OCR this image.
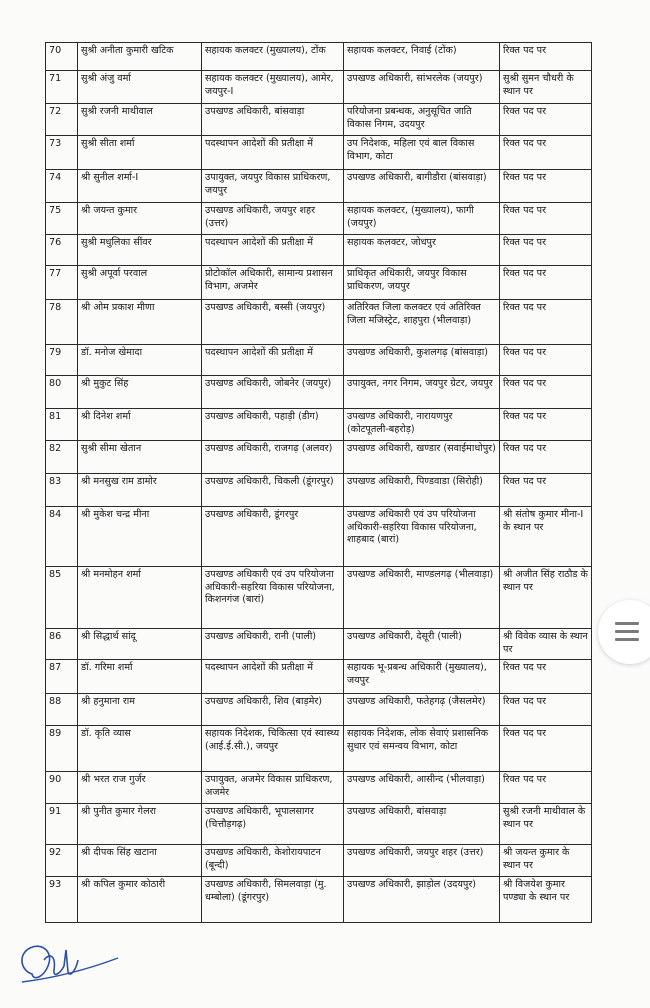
70	सुश्री अनीता कुमारी खटिक	सहायक कलक्टर (मुख्यालय), टोंक	सहायक कलक्टर, निवाई (टोंक)	रिक्त पद पर
71	सुश्री अंजु वर्मा	सहायक कलक्टर (मुख्यालय), आमेर, जयपुर-I	उपखण्ड अधिकारी, सांभरलेक (जयपुर)	सुश्री सुमन चौधरी के स्थान पर
72	सुश्री रजनी माथीवाल	उपखण्ड अधिकारी, बांसवाड़ा	परियोजना प्रबन्धक, अनुसूचित जाति विकास निगम, उदयपुर	रिक्त पद पर
73	सुश्री सीता शर्मा	पदस्थापन आदेशों की प्रतीक्षा में	उप निदेशक, महिला एवं बाल विकास विभाग, कोटा	रिक्त पद पर
74	श्री सुनील शर्मा-I	उपायुक्त, जयपुर विकास प्राधिकरण, जयपुर	उपखण्ड अधिकारी, बागीडौरा (बांसवाड़ा)	रिक्त पद पर
75	श्री जयन्त कुमार	उपखण्ड अधिकारी, जयपुर शहर (उत्तर)	सहायक कलक्टर, (मुख्यालय), फागी (जयपुर)	रिक्त पद पर
76	सुश्री मधुलिका सींवर	पदस्थापन आदेशों की प्रतीक्षा में	सहायक कलक्टर, जोधपुर	रिक्त पद पर
77	सुश्री अपूर्वा परवाल	प्रोटोकॉल अधिकारी, सामान्य प्रशासन विभाग, अजमेर	प्राधिकृत अधिकारी, जयपुर विकास प्राधिकरण, जयपुर	रिक्त पद पर
78	श्री ओम प्रकाश मीणा	उपखण्ड अधिकारी, बस्सी (जयपुर)	अतिरिक्त जिला कलक्टर एवं अतिरिक्त जिला मजिस्ट्रेट, शाहपुरा (भीलवाड़ा)	रिक्त पद पर
79	डॉ. मनोज खेमादा	पदस्थापन आदेशों की प्रतीक्षा में	उपखण्ड अधिकारी, कुशलगढ़ (बांसवाड़ा)	रिक्त पद पर
80	श्री मुकुट सिंह	उपखण्ड अधिकारी, जोबनेर (जयपुर)	उपायुक्त, नगर निगम, जयपुर ग्रेटर, जयपुर	रिक्त पद पर
81	श्री दिनेश शर्मा	उपखण्ड अधिकारी, पहाड़ी (डीग)	उपखण्ड अधिकारी, नारायणपुर (कोटपूतली-बहरोड़)	रिक्त पद पर
82	सुश्री सीमा खेतान	उपखण्ड अधिकारी, राजगढ़ (अलवर)	उपखण्ड अधिकारी, खण्डार (सवाईमाधोपुर)	रिक्त पद पर
83	श्री मनसुख राम डामोर	उपखण्ड अधिकारी, चिकली (डूंगरपुर)	उपखण्ड अधिकारी, पिण्डवाडा (सिरोही)	रिक्त पद पर
84	श्री मुकेश चन्द्र मीना	उपखण्ड अधिकारी, डूंगरपुर	उपखण्ड अधिकारी एवं उप परियोजना अधिकारी-सहरिया विकास परियोजना, शाहबाद (बारां)	श्री संतोष कुमार मीना-I के स्थान पर
85	श्री मनमोहन शर्मा	उपखण्ड अधिकारी एवं उप परियोजना अधिकारी-सहरिया विकास परियोजना, किशनगंज (बारां)	उपखण्ड अधिकारी, माण्डलगढ़ (भीलवाड़ा)	श्री अजीत सिंह राठौड के स्थान पर
86	श्री सिद्धार्थ सांदू	उपखण्ड अधिकारी, रानी (पाली)	उपखण्ड अधिकारी, देसूरी (पाली)	श्री विवेक व्यास के स्थान पर
87	डॉ. गरिमा शर्मा	पदस्थापन आदेशों की प्रतीक्षा में	सहायक भू-प्रबन्ध अधिकारी (मुख्यालय), जयपुर	रिक्त पद पर
88	श्री हनुमाना राम	उपखण्ड अधिकारी, शिव (बाड़मेर)	उपखण्ड अधिकारी, फतेहगढ़ (जैसलमेर)	रिक्त पद पर
89	डॉ. कृति व्यास	सहायक निदेशक, चिकित्सा एवं स्वास्थ्य (आई.ई.सी.), जयपुर	सहायक निदेशक, लोक सेवाएं प्रशासनिक सुधार एवं समन्वय विभाग, कोटा	रिक्त पद पर
90	श्री भरत राज गुर्जर	उपायुक्त, अजमेर विकास प्राधिकरण, अजमेर	उपखण्ड अधिकारी, आसीन्द (भीलवाड़ा)	रिक्त पद पर
91	श्री पुनीत कुमार गेलरा	उपखण्ड अधिकारी, भूपालसागर (चित्तौड़गढ़)	उपखण्ड अधिकारी, बांसवाड़ा	सुश्री रजनी माथीवाल के स्थान पर
92	श्री दीपक सिंह खटाना	उपखण्ड अधिकारी, केशोरायपाटन (बून्दी)	उपखण्ड अधिकारी, जयपुर शहर (उत्तर)	श्री जयन्त कुमार के स्थान पर
93	श्री कपिल कुमार कोठारी	उपखण्ड अधिकारी, सिमलवाड़ा (मु. धम्बोला) (डूंगरपुर)	उपखण्ड अधिकारी, झाड़ोल (उदयपुर)	श्री विजयेश कुमार पण्ड्या के स्थान पर
